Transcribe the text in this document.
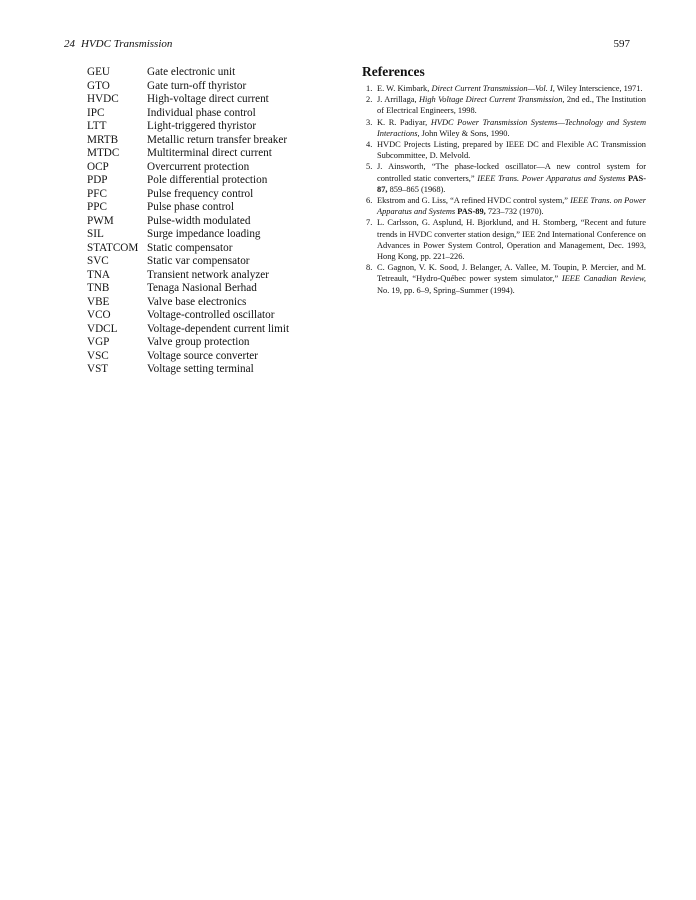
24 HVDC Transmission	597
GEU	Gate electronic unit
GTO	Gate turn-off thyristor
HVDC	High-voltage direct current
IPC	Individual phase control
LTT	Light-triggered thyristor
MRTB	Metallic return transfer breaker
MTDC Multiterminal direct current
OCP	Overcurrent protection
PDP	Pole differential protection
PFC	Pulse frequency control
PPC	Pulse phase control
PWM	Pulse-width modulated
SIL	Surge impedance loading
STATCOM Static compensator
SVC	Static var compensator
TNA	Transient network analyzer
TNB	Tenaga Nasional Berhad
VBE	Valve base electronics
VCO	Voltage-controlled oscillator
VDCL	Voltage-dependent current limit
VGP	Valve group protection
VSC	Voltage source converter
VST	Voltage setting terminal
References
1. E. W. Kimbark, Direct Current Transmission—Vol. I, Wiley Interscience, 1971.
2. J. Arrillaga, High Voltage Direct Current Transmission, 2nd ed., The Institution of Electrical Engineers, 1998.
3. K. R. Padiyar, HVDC Power Transmission Systems—Technology and System Interactions, John Wiley & Sons, 1990.
4. HVDC Projects Listing, prepared by IEEE DC and Flexible AC Transmission Subcommittee, D. Melvold.
5. J. Ainsworth, “The phase-locked oscillator—A new control system for controlled static converters,” IEEE Trans. Power Apparatus and Systems PAS-87, 859–865 (1968).
6. Ekstrom and G. Liss, “A refined HVDC control system,” IEEE Trans. on Power Apparatus and Systems PAS-89, 723–732 (1970).
7. L. Carlsson, G. Asplund, H. Bjorklund, and H. Stomberg, “Recent and future trends in HVDC converter station design,” IEE 2nd International Conference on Advances in Power System Control, Operation and Management, Dec. 1993, Hong Kong, pp. 221–226.
8. C. Gagnon, V. K. Sood, J. Belanger, A. Vallee, M. Toupin, P. Mercier, and M. Tetreault, “Hydro-Québec power system simulator,” IEEE Canadian Review, No. 19, pp. 6–9, Spring–Summer (1994).
